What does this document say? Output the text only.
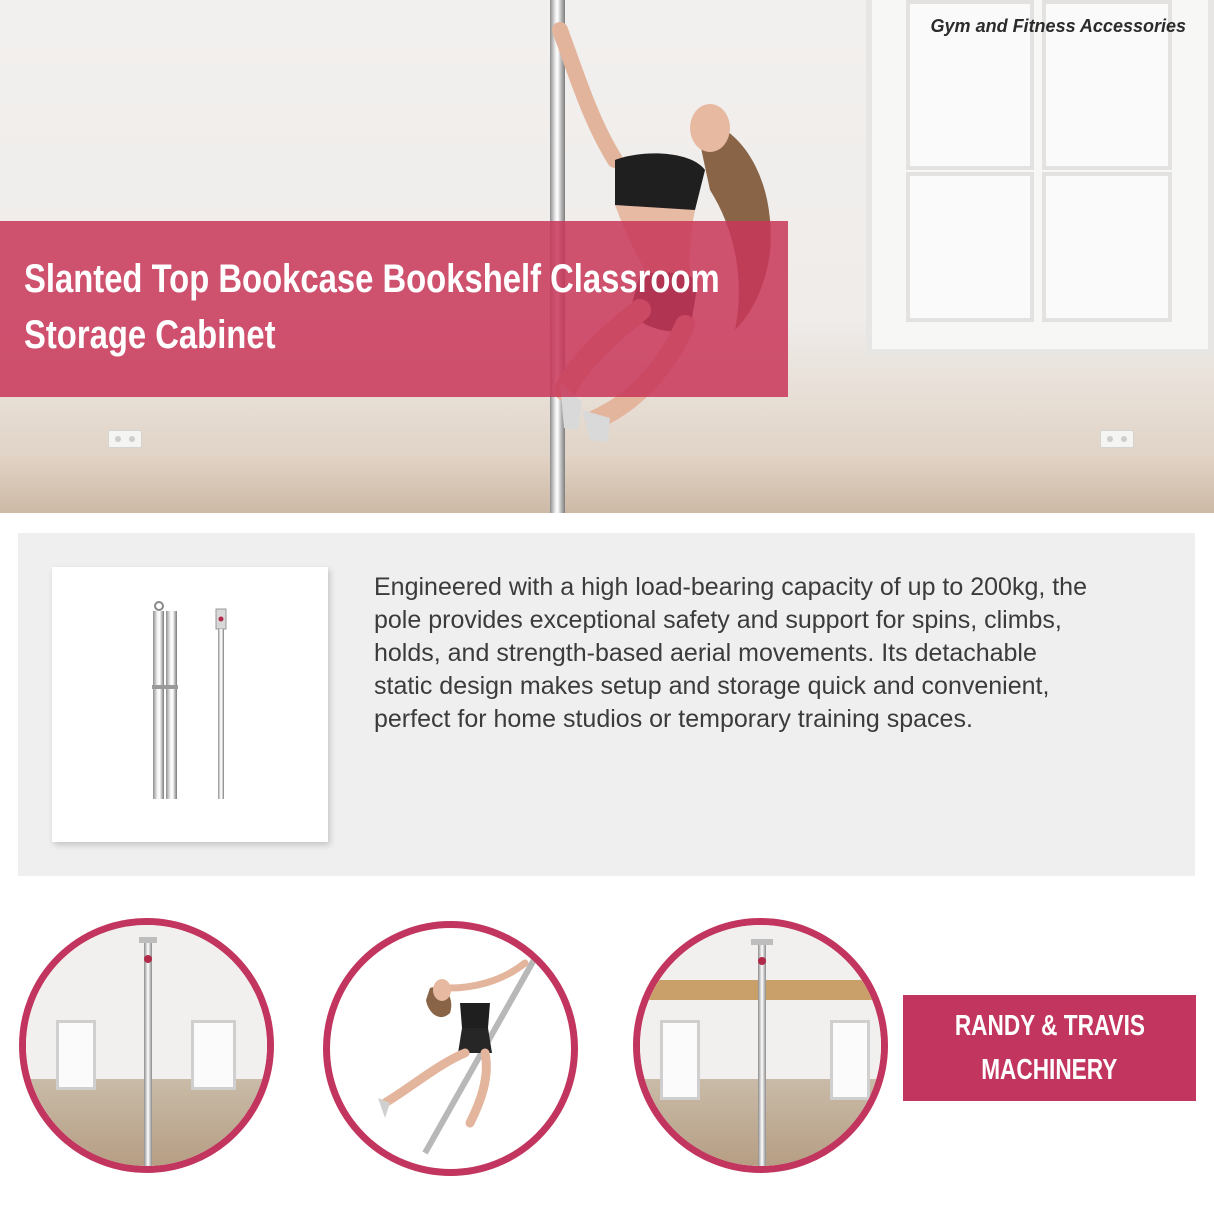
Gym and Fitness Accessories
Slanted Top Bookcase Bookshelf Classroom
Storage Cabinet
Engineered with a high load-bearing capacity of up to 200kg, the
pole provides exceptional safety and support for spins, climbs,
holds, and strength-based aerial movements. Its detachable
static design makes setup and storage quick and convenient,
perfect for home studios or temporary training spaces.
RANDY & TRAVIS
MACHINERY
